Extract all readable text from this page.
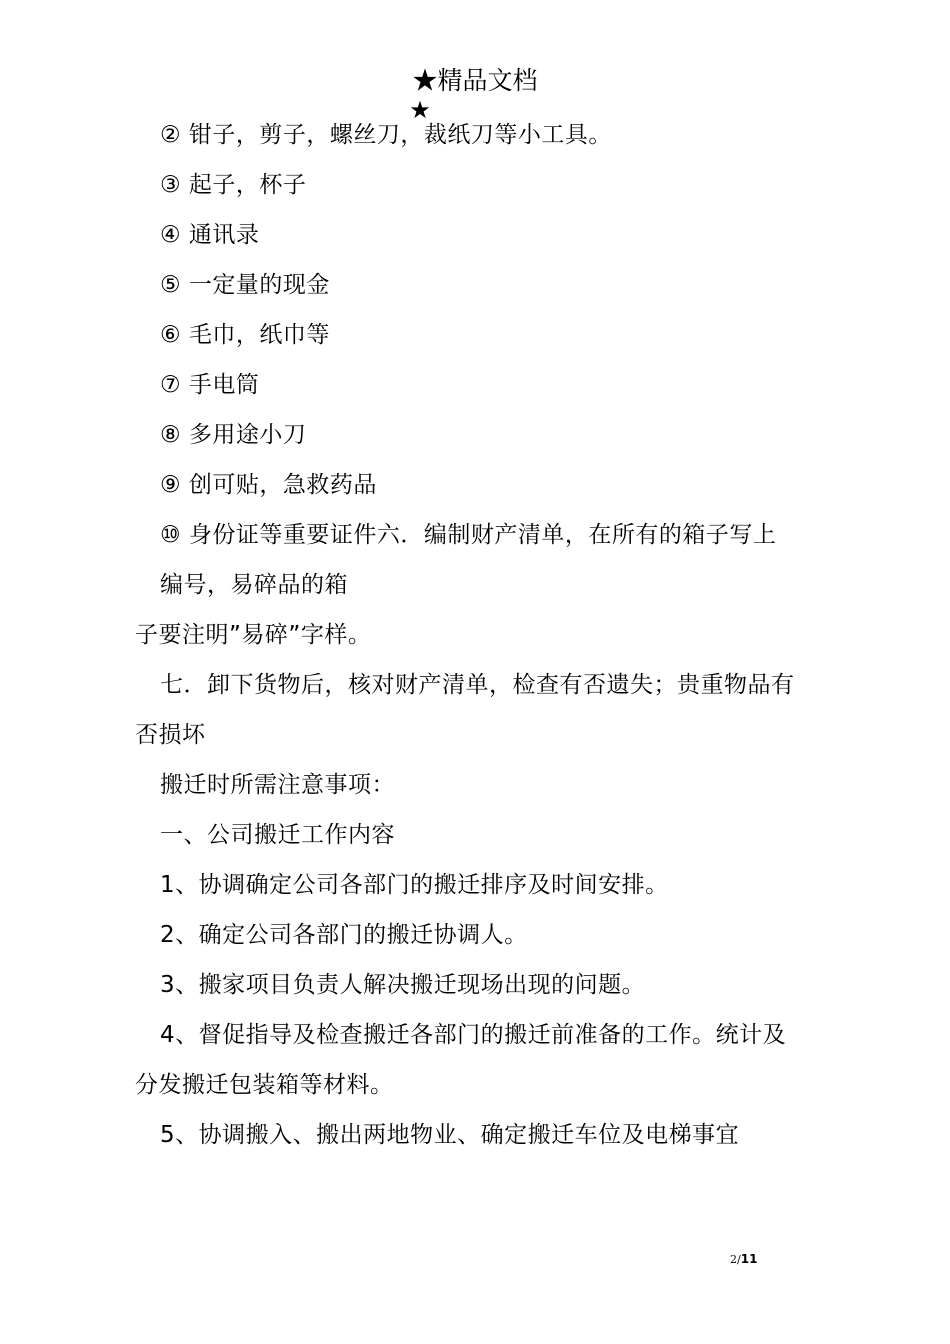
★精品文档
★
② 钳子，剪子，螺丝刀，裁纸刀等小工具。
③ 起子，杯子
④ 通讯录
⑤ 一定量的现金
⑥ 毛巾，纸巾等
⑦ 手电筒
⑧ 多用途小刀
⑨ 创可贴，急救药品
⑩ 身份证等重要证件六．编制财产清单，在所有的箱子写上
编号，易碎品的箱
子要注明”易碎”字样。
七．卸下货物后，核对财产清单，检查有否遗失；贵重物品有
否损坏
搬迁时所需注意事项：
一、公司搬迁工作内容
1、协调确定公司各部门的搬迁排序及时间安排。
2、确定公司各部门的搬迁协调人。
3、搬家项目负责人解决搬迁现场出现的问题。
4、督促指导及检查搬迁各部门的搬迁前准备的工作。统计及
分发搬迁包装箱等材料。
5、协调搬入、搬出两地物业、确定搬迁车位及电梯事宜
2/11
